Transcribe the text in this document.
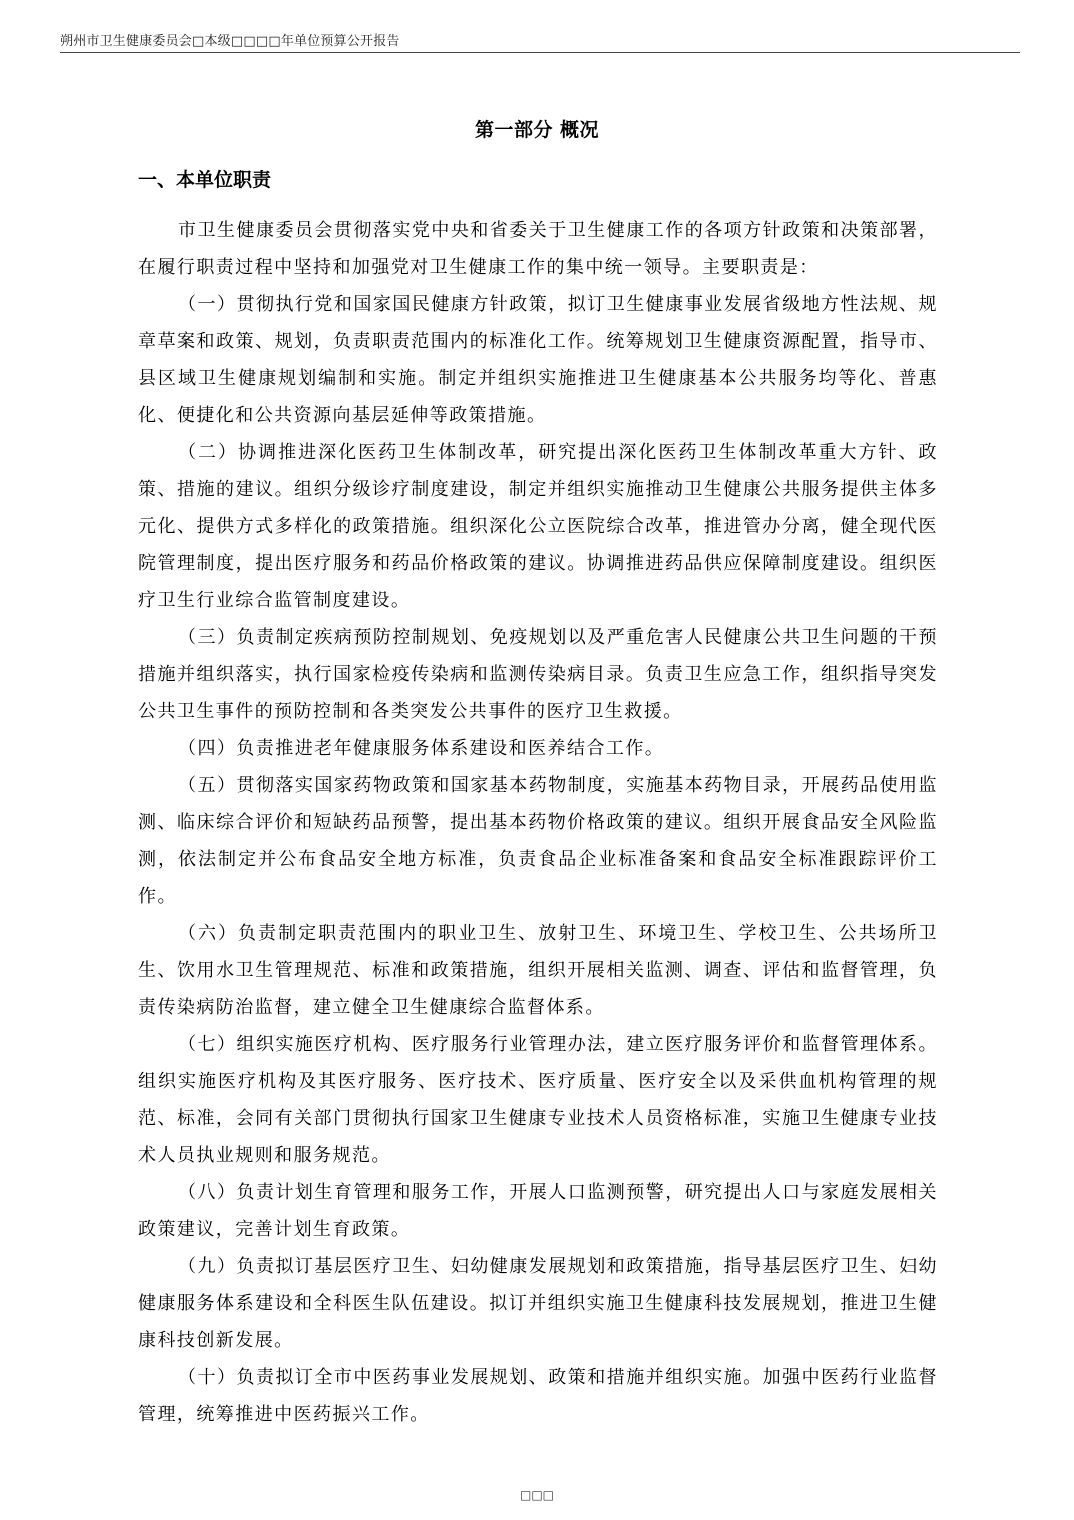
朔州市卫生健康委员会□本级□□□□年单位预算公开报告
第一部分 概况
一、本单位职责

市卫生健康委员会贯彻落实党中央和省委关于卫生健康工作的各项方针政策和决策部署，在履行职责过程中坚持和加强党对卫生健康工作的集中统一领导。主要职责是：

（一）贯彻执行党和国家国民健康方针政策，拟订卫生健康事业发展省级地方性法规、规章草案和政策、规划，负责职责范围内的标准化工作。统筹规划卫生健康资源配置，指导市、县区域卫生健康规划编制和实施。制定并组织实施推进卫生健康基本公共服务均等化、普惠化、便捷化和公共资源向基层延伸等政策措施。

（二）协调推进深化医药卫生体制改革，研究提出深化医药卫生体制改革重大方针、政策、措施的建议。组织分级诊疗制度建设，制定并组织实施推动卫生健康公共服务提供主体多元化、提供方式多样化的政策措施。组织深化公立医院综合改革，推进管办分离，健全现代医院管理制度，提出医疗服务和药品价格政策的建议。协调推进药品供应保障制度建设。组织医疗卫生行业综合监管制度建设。

（三）负责制定疾病预防控制规划、免疫规划以及严重危害人民健康公共卫生问题的干预措施并组织落实，执行国家检疫传染病和监测传染病目录。负责卫生应急工作，组织指导突发公共卫生事件的预防控制和各类突发公共事件的医疗卫生救援。

（四）负责推进老年健康服务体系建设和医养结合工作。

（五）贯彻落实国家药物政策和国家基本药物制度，实施基本药物目录，开展药品使用监测、临床综合评价和短缺药品预警，提出基本药物价格政策的建议。组织开展食品安全风险监测，依法制定并公布食品安全地方标准，负责食品企业标准备案和食品安全标准跟踪评价工作。

（六）负责制定职责范围内的职业卫生、放射卫生、环境卫生、学校卫生、公共场所卫生、饮用水卫生管理规范、标准和政策措施，组织开展相关监测、调查、评估和监督管理，负责传染病防治监督，建立健全卫生健康综合监督体系。

（七）组织实施医疗机构、医疗服务行业管理办法，建立医疗服务评价和监督管理体系。组织实施医疗机构及其医疗服务、医疗技术、医疗质量、医疗安全以及采供血机构管理的规范、标准，会同有关部门贯彻执行国家卫生健康专业技术人员资格标准，实施卫生健康专业技术人员执业规则和服务规范。

（八）负责计划生育管理和服务工作，开展人口监测预警，研究提出人口与家庭发展相关政策建议，完善计划生育政策。

（九）负责拟订基层医疗卫生、妇幼健康发展规划和政策措施，指导基层医疗卫生、妇幼健康服务体系建设和全科医生队伍建设。拟订并组织实施卫生健康科技发展规划，推进卫生健康科技创新发展。

（十）负责拟订全市中医药事业发展规划、政策和措施并组织实施。加强中医药行业监督管理，统筹推进中医药振兴工作。

□□□
